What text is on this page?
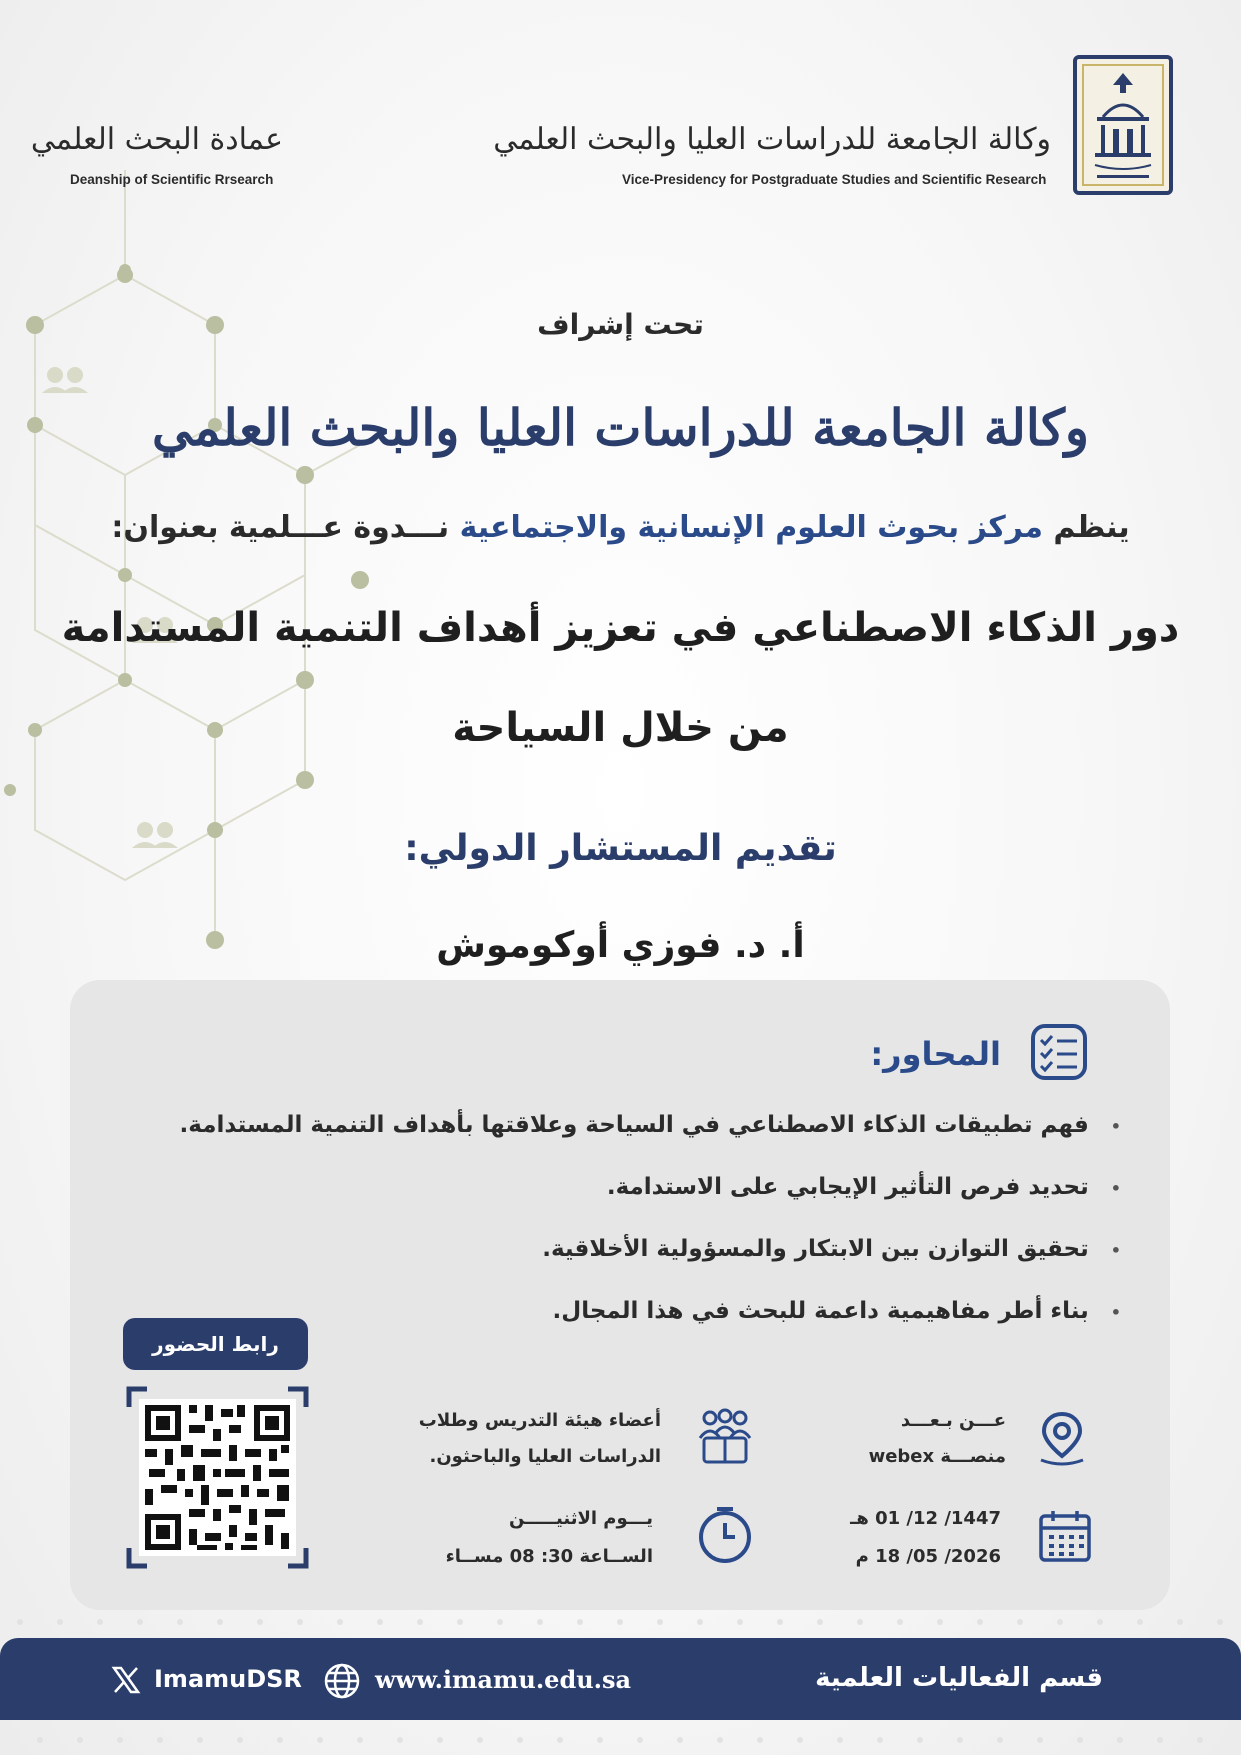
وكالة الجامعة للدراسات العليا والبحث العلمي
Vice-Presidency for Postgraduate Studies and Scientific Research
عمادة البحث العلمي
Deanship of Scientific Rrsearch
تحت إشراف
وكالة الجامعة للدراسات العليا والبحث العلمي
ينظم مركز بحوث العلوم الإنسانية والاجتماعية نـــدوة عـــلمية بعنوان:
دور الذكاء الاصطناعي في تعزيز أهداف التنمية المستدامة
من خلال السياحة
تقديم المستشار الدولي:
أ. د. فوزي أوكوموش
المحاور:
•فهم تطبيقات الذكاء الاصطناعي في السياحة وعلاقتها بأهداف التنمية المستدامة.
•تحديد فرص التأثير الإيجابي على الاستدامة.
•تحقيق التوازن بين الابتكار والمسؤولية الأخلاقية.
•بناء أطر مفاهيمية داعمة للبحث في هذا المجال.
رابط الحضور
عـــن بـعـــد
منصـــة webex
أعضاء هيئة التدريس وطلاب
الدراسات العليا والباحثون.
1447/ 12/ 01 هـ
2026/ 05/ 18 م
يـــوم الاثنيـــــن
الســاعة 30: 08 مســاء
قسم الفعاليات العلمية
www.imamu.edu.sa
ImamuDSR
